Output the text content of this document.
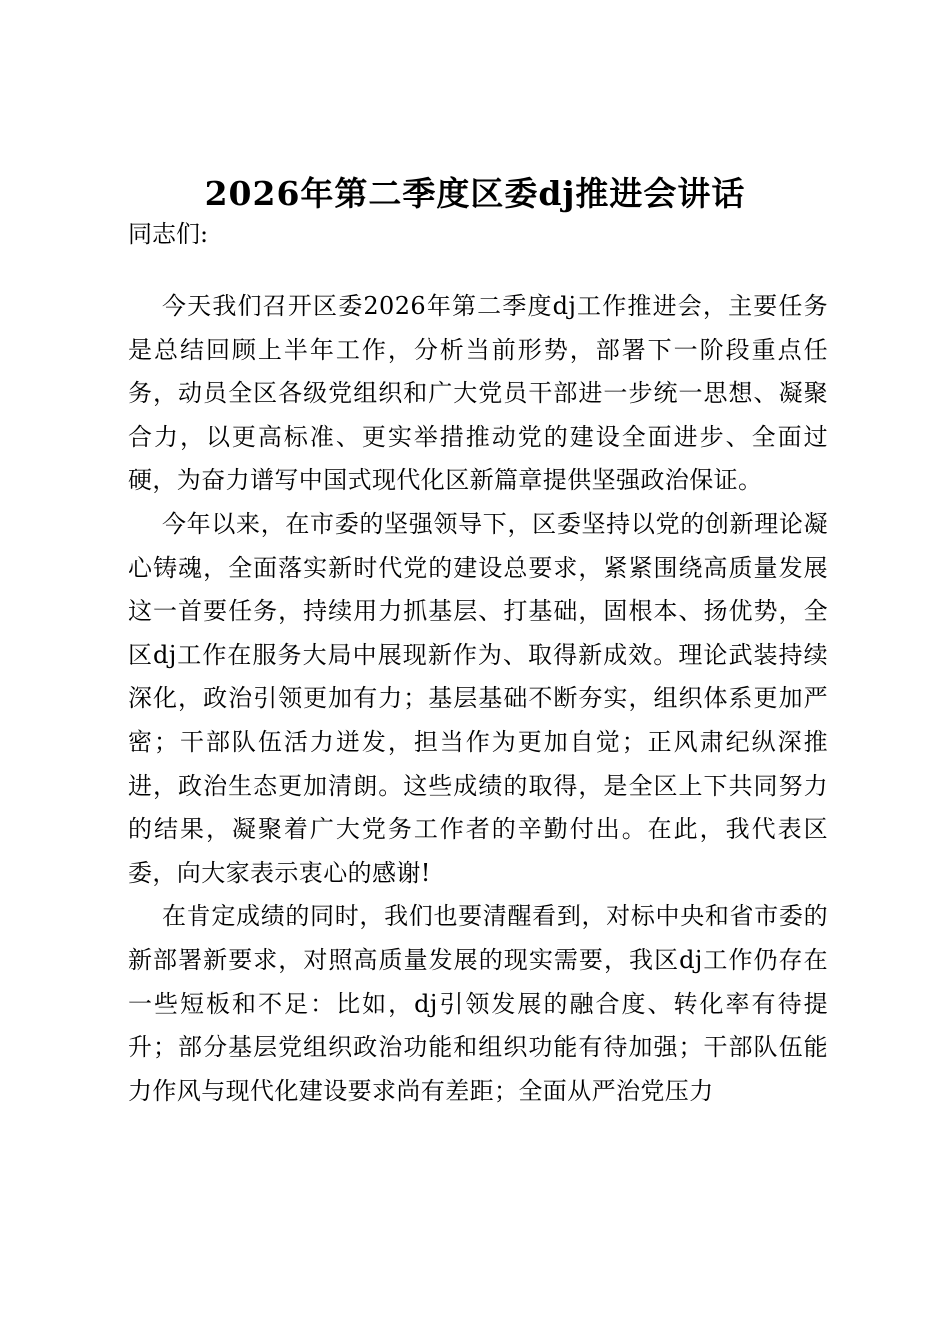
2026年第二季度区委dj推进会讲话

同志们:

今天我们召开区委2026年第二季度dj工作推进会，主要任务是总结回顾上半年工作，分析当前形势，部署下一阶段重点任务，动员全区各级党组织和广大党员干部进一步统一思想、凝聚合力，以更高标准、更实举措推动党的建设全面进步、全面过硬，为奋力谱写中国式现代化区新篇章提供坚强政治保证。

今年以来，在市委的坚强领导下，区委坚持以党的创新理论凝心铸魂，全面落实新时代党的建设总要求，紧紧围绕高质量发展这一首要任务，持续用力抓基层、打基础，固根本、扬优势，全区dj工作在服务大局中展现新作为、取得新成效。理论武装持续深化，政治引领更加有力；基层基础不断夯实，组织体系更加严密；干部队伍活力迸发，担当作为更加自觉；正风肃纪纵深推进，政治生态更加清朗。这些成绩的取得，是全区上下共同努力的结果，凝聚着广大党务工作者的辛勤付出。在此，我代表区委，向大家表示衷心的感谢!

在肯定成绩的同时，我们也要清醒看到，对标中央和省市委的新部署新要求，对照高质量发展的现实需要，我区dj工作仍存在一些短板和不足：比如，dj引领发展的融合度、转化率有待提升；部分基层党组织政治功能和组织功能有待加强；干部队伍能力作风与现代化建设要求尚有差距；全面从严治党压力
